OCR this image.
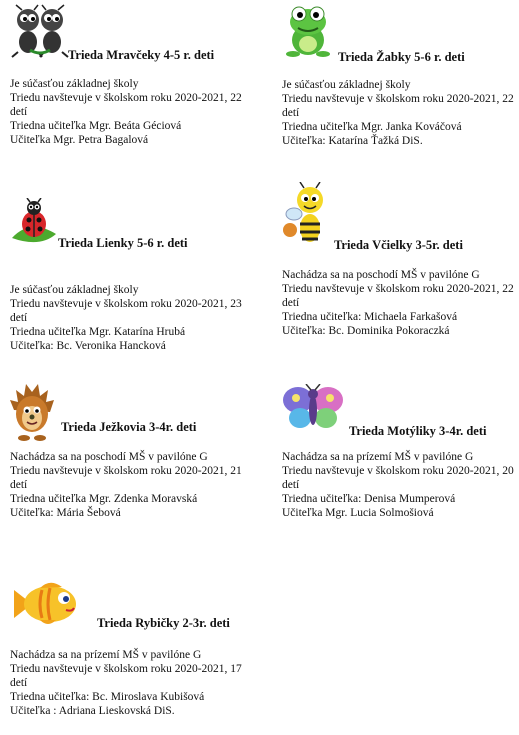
Trieda Mravčeky 4-5 r. deti
Je súčasťou základnej školy
Triedu navštevuje v školskom roku 2020-2021, 22 detí
Triedna učiteľka Mgr. Beáta Géciová
Učiteľka Mgr. Petra Bagalová
Trieda Žabky 5-6 r. deti
Je súčasťou základnej školy
Triedu navštevuje v školskom roku 2020-2021, 22 detí
Triedna učiteľka Mgr. Janka Kováčová
Učiteľka: Katarína Ťažká DiS.
Trieda Lienky 5-6 r. deti
Je súčasťou základnej školy
Triedu navštevuje v školskom roku 2020-2021, 23 detí
Triedna učiteľka Mgr. Katarína Hrubá
Učiteľka: Bc. Veronika Hancková
Trieda Včielky 3-5r. deti
Nachádza sa na poschodí MŠ v pavilóne G
Triedu navštevuje v školskom roku 2020-2021, 22 detí
Triedna učiteľka: Michaela Farkašová
Učiteľka: Bc. Dominika Pokoraczká
Trieda Ježkovia 3-4r. deti
Nachádza sa na poschodí MŠ v pavilóne G
Triedu navštevuje v školskom roku 2020-2021, 21 detí
Triedna učiteľka Mgr. Zdenka Moravská
Učiteľka: Mária Šebová
Trieda Motýliky 3-4r. deti
Nachádza sa na prízemí MŠ v pavilóne G
Triedu navštevuje v školskom roku 2020-2021, 20 detí
Triedna učiteľka: Denisa Mumperová
Učiteľka Mgr. Lucia Solmošiová
Trieda Rybičky 2-3r. deti
Nachádza sa na prízemí MŠ v pavilóne G
Triedu navštevuje v školskom roku 2020-2021, 17 detí
Triedna učiteľka: Bc. Miroslava Kubišová
Učiteľka : Adriana Lieskovská DiS.
